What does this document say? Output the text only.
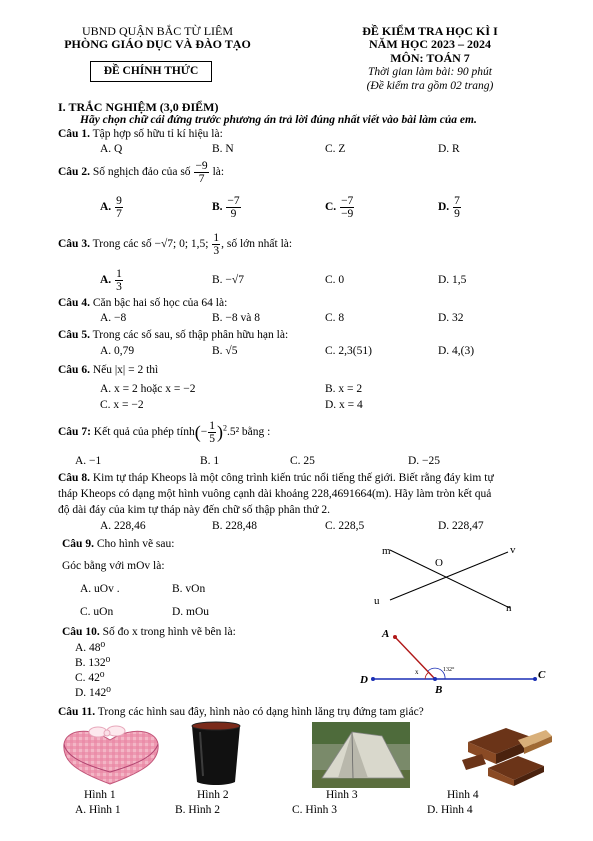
UBND QUẬN BẮC TỪ LIÊM
PHÒNG GIÁO DỤC VÀ ĐÀO TẠO
ĐỀ CHÍNH THỨC
ĐỀ KIỂM TRA HỌC KÌ I
NĂM HỌC 2023 – 2024
MÔN: TOÁN 7
Thời gian làm bài: 90 phút
(Đề kiểm tra gồm 02 trang)
I. TRẮC NGHIỆM (3,0 ĐIỂM)
Hãy chọn chữ cái đứng trước phương án trả lời đúng nhất viết vào bài làm của em.
Câu 1. Tập hợp số hữu tỉ kí hiệu là:
A. Q	B. N	C. Z	D. R
Câu 2. Số nghịch đảo của số $\frac{-9}{7}$ là:
A. $\frac{9}{7}$	B. $\frac{-7}{9}$	C. $\frac{-7}{-9}$	D. $\frac{7}{9}$
Câu 3. Trong các số −√7; 0; 1,5; $\frac{1}{3}$ , số lớn nhất là:
A. $\frac{1}{3}$	B. −√7	C. 0	D. 1,5
Câu 4. Căn bậc hai số học của 64 là:
A. −8	B. −8 và 8	C. 8	D. 32
Câu 5. Trong các số sau, số thập phân hữu hạn là:
A. 0,79	B. √5	C. 2,3(51)	D. 4,(3)
Câu 6. Nếu |x| = 2 thì
A. x = 2 hoặc x = −2	B. x = 2
C. x = −2	D. x = 4
Câu 7: Kết quả của phép tính(− $\frac{1}{5} )^2.5^2$ bằng :
A. −1	B. 1	C. 25	D. −25
Câu 8. Kim tự tháp Kheops là một công trình kiến trúc nổi tiếng thế giới. Biết rằng đáy kim tự
tháp Kheops có dạng một hình vuông cạnh dài khoảng 228,4691664(m). Hãy làm tròn kết quả
độ dài đáy của kim tự tháp này đến chữ số thập phân thứ 2.
A. 228,46	B. 228,48	C. 228,5	D. 228,47
Câu 9. Cho hình vẽ sau:
Góc bằng với mOv là:
A. uOv .	B. vOn
C. uOn	D. mOu
m	v
O
u
n
Câu 10. Số đo x trong hình vẽ bên là:
A. 48⁰
B. 132⁰
C. 42⁰
D. 142⁰
A
D
B
C
x	132°
Câu 11. Trong các hình sau đây, hình nào có dạng hình lăng trụ đứng tam giác?
Hình 1	Hình 2	Hình 3	Hình 4
A. Hình 1	B. Hình 2	C. Hình 3	D. Hình 4
